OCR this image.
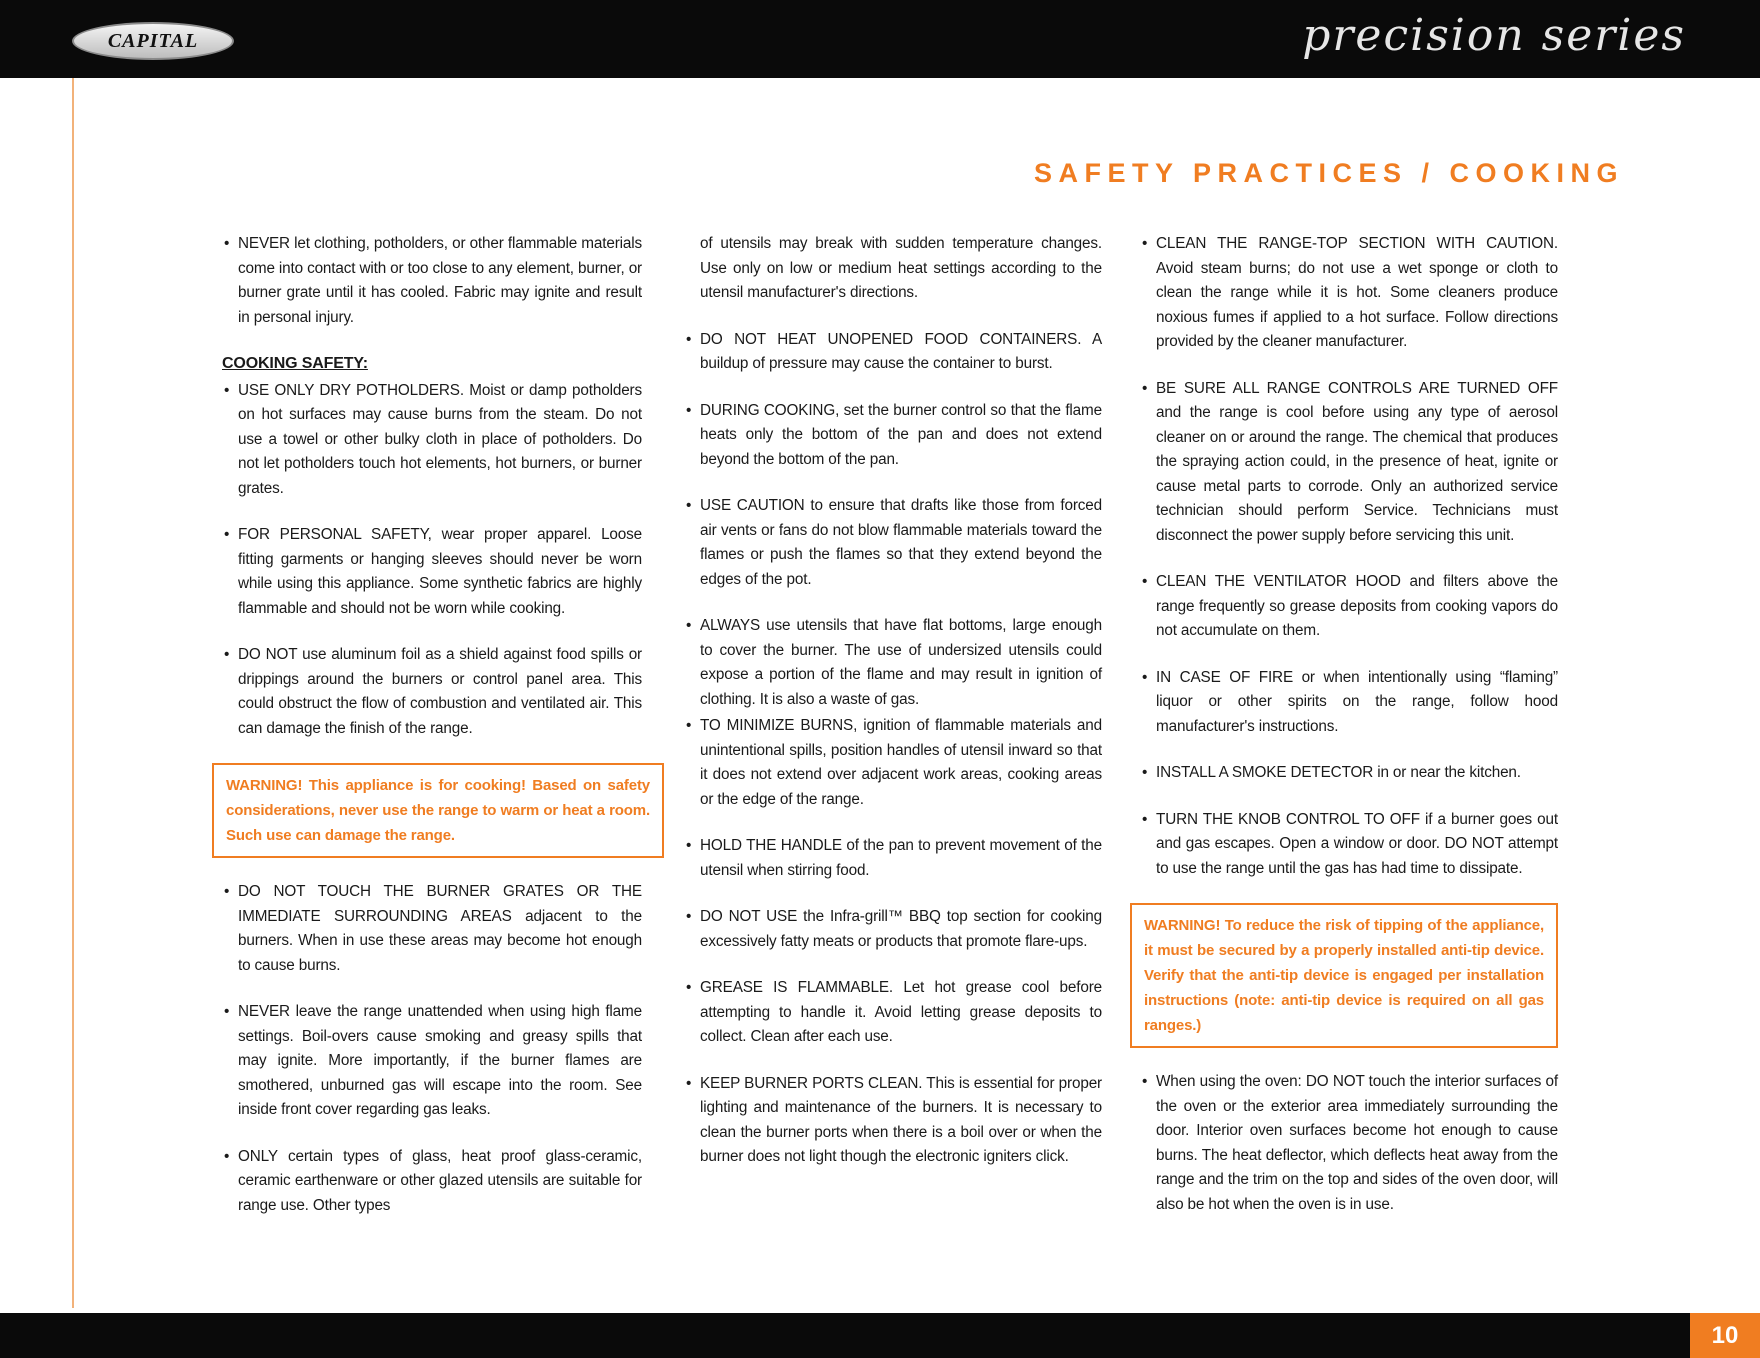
CAPITAL	precision series
SAFETY PRACTICES / COOKING

• NEVER let clothing, potholders, or other flammable materials come into contact with or too close to any element, burner, or burner grate until it has cooled. Fabric may ignite and result in personal injury.

COOKING SAFETY:

• USE ONLY DRY POTHOLDERS. Moist or damp potholders on hot surfaces may cause burns from the steam. Do not use a towel or other bulky cloth in place of potholders. Do not let potholders touch hot elements, hot burners, or burner grates.

• FOR PERSONAL SAFETY, wear proper apparel. Loose fitting garments or hanging sleeves should never be worn while using this appliance. Some synthetic fabrics are highly flammable and should not be worn while cooking.

• DO NOT use aluminum foil as a shield against food spills or drippings around the burners or control panel area. This could obstruct the flow of combustion and ventilated air. This can damage the finish of the range.

WARNING! This appliance is for cooking! Based on safety considerations, never use the range to warm or heat a room. Such use can damage the range.

• DO NOT TOUCH THE BURNER GRATES OR THE IMMEDIATE SURROUNDING AREAS adjacent to the burners. When in use these areas may become hot enough to cause burns.

• NEVER leave the range unattended when using high flame settings. Boil-overs cause smoking and greasy spills that may ignite. More importantly, if the burner flames are smothered, unburned gas will escape into the room. See inside front cover regarding gas leaks.

• ONLY certain types of glass, heat proof glass-ceramic, ceramic earthenware or other glazed utensils are suitable for range use. Other types

of utensils may break with sudden temperature changes. Use only on low or medium heat settings according to the utensil manufacturer's directions.

• DO NOT HEAT UNOPENED FOOD CONTAINERS. A buildup of pressure may cause the container to burst.

• DURING COOKING, set the burner control so that the flame heats only the bottom of the pan and does not extend beyond the bottom of the pan.

• USE CAUTION to ensure that drafts like those from forced air vents or fans do not blow flammable materials toward the flames or push the flames so that they extend beyond the edges of the pot.

• ALWAYS use utensils that have flat bottoms, large enough to cover the burner. The use of undersized utensils could expose a portion of the flame and may result in ignition of clothing. It is also a waste of gas.

• TO MINIMIZE BURNS, ignition of flammable materials and unintentional spills, position handles of utensil inward so that it does not extend over adjacent work areas, cooking areas or the edge of the range.

• HOLD THE HANDLE of the pan to prevent movement of the utensil when stirring food.

• DO NOT USE the Infra-grill™ BBQ top section for cooking excessively fatty meats or products that promote flare-ups.

• GREASE IS FLAMMABLE. Let hot grease cool before attempting to handle it. Avoid letting grease deposits to collect. Clean after each use.

• KEEP BURNER PORTS CLEAN. This is essential for proper lighting and maintenance of the burners. It is necessary to clean the burner ports when there is a boil over or when the burner does not light though the electronic igniters click.

• CLEAN THE RANGE-TOP SECTION WITH CAUTION. Avoid steam burns; do not use a wet sponge or cloth to clean the range while it is hot. Some cleaners produce noxious fumes if applied to a hot surface. Follow directions provided by the cleaner manufacturer.

• BE SURE ALL RANGE CONTROLS ARE TURNED OFF and the range is cool before using any type of aerosol cleaner on or around the range. The chemical that produces the spraying action could, in the presence of heat, ignite or cause metal parts to corrode. Only an authorized service technician should perform Service. Technicians must disconnect the power supply before servicing this unit.

• CLEAN THE VENTILATOR HOOD and filters above the range frequently so grease deposits from cooking vapors do not accumulate on them.

• IN CASE OF FIRE or when intentionally using “flaming” liquor or other spirits on the range, follow hood manufacturer's instructions.

• INSTALL A SMOKE DETECTOR in or near the kitchen.

• TURN THE KNOB CONTROL TO OFF if a burner goes out and gas escapes. Open a window or door. DO NOT attempt to use the range until the gas has had time to dissipate.

WARNING! To reduce the risk of tipping of the appliance, it must be secured by a properly installed anti-tip device. Verify that the anti-tip device is engaged per installation instructions (note: anti-tip device is required on all gas ranges.)

• When using the oven: DO NOT touch the interior surfaces of the oven or the exterior area immediately surrounding the door. Interior oven surfaces become hot enough to cause burns. The heat deflector, which deflects heat away from the range and the trim on the top and sides of the oven door, will also be hot when the oven is in use.

10
